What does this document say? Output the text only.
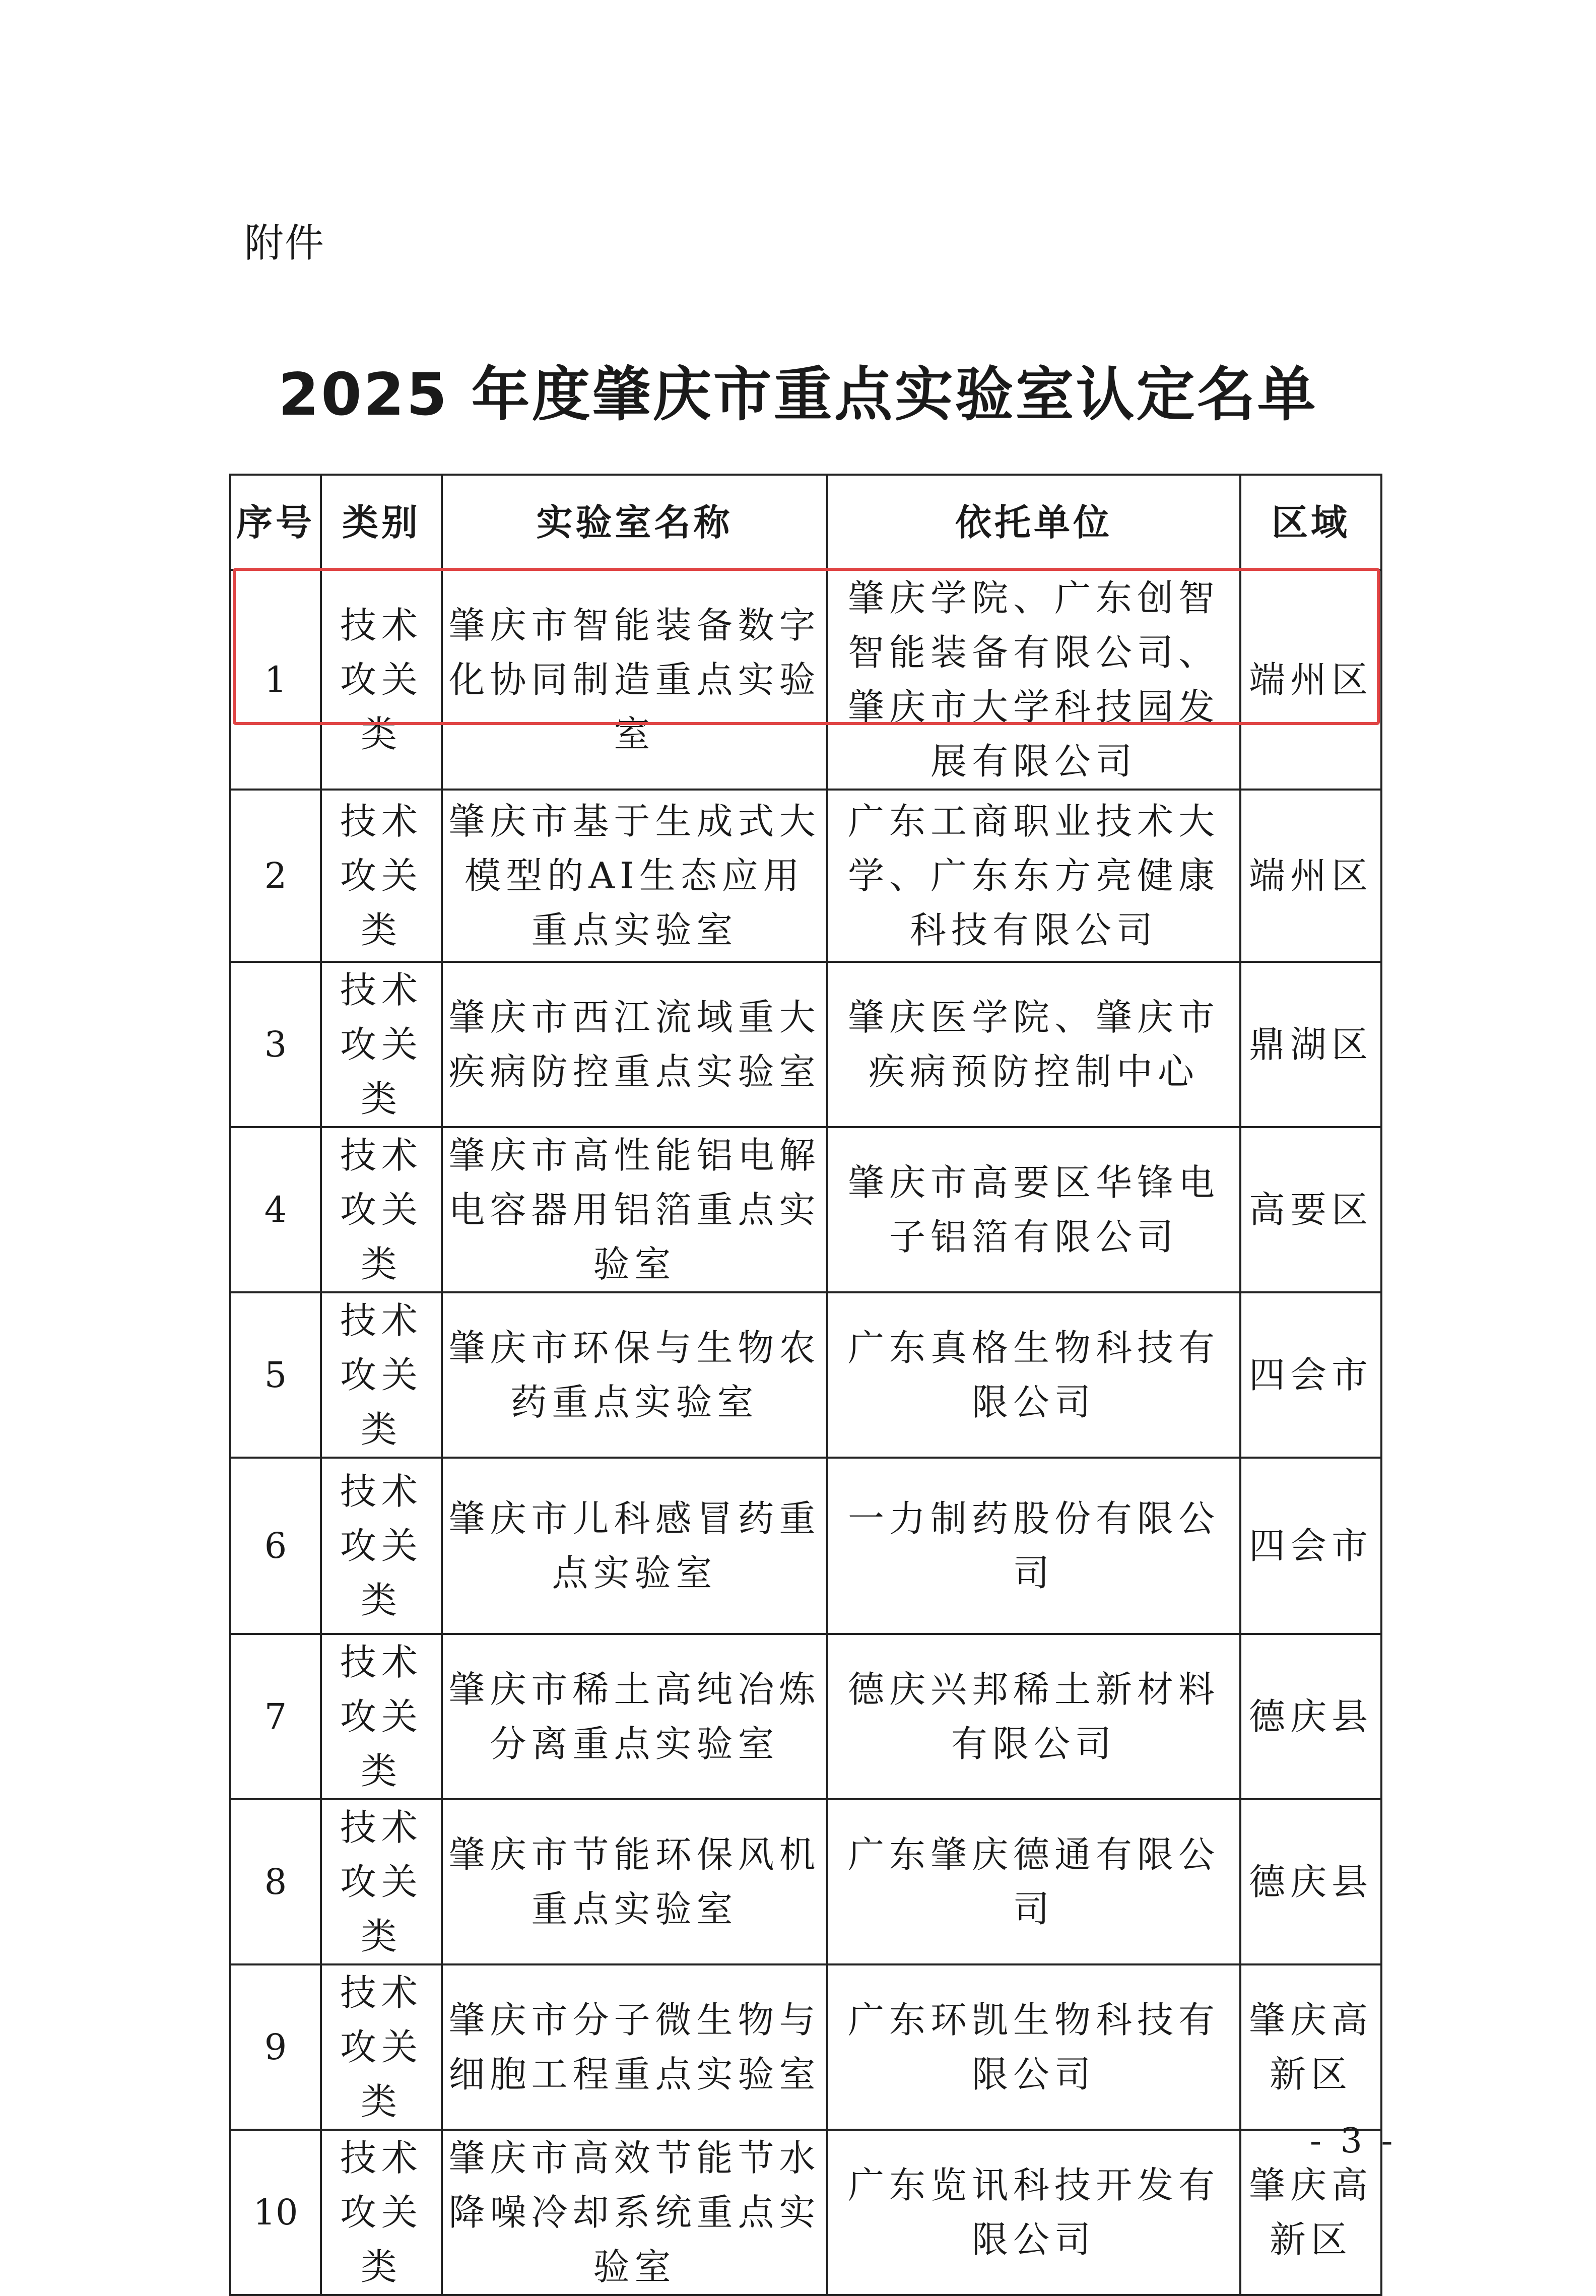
附件
2025 年度肇庆市重点实验室认定名单
序号	类别	实验室名称	依托单位	区域
1	技术攻关类	肇庆市智能装备数字化协同制造重点实验室	肇庆学院、广东创智智能装备有限公司、肇庆市大学科技园发展有限公司	端州区
2	技术攻关类	肇庆市基于生成式大模型的AI生态应用重点实验室	广东工商职业技术大学、广东东方亮健康科技有限公司	端州区
3	技术攻关类	肇庆市西江流域重大疾病防控重点实验室	肇庆医学院、肇庆市疾病预防控制中心	鼎湖区
4	技术攻关类	肇庆市高性能铝电解电容器用铝箔重点实验室	肇庆市高要区华锋电子铝箔有限公司	高要区
5	技术攻关类	肇庆市环保与生物农药重点实验室	广东真格生物科技有限公司	四会市
6	技术攻关类	肇庆市儿科感冒药重点实验室	一力制药股份有限公司	四会市
7	技术攻关类	肇庆市稀土高纯冶炼分离重点实验室	德庆兴邦稀土新材料有限公司	德庆县
8	技术攻关类	肇庆市节能环保风机重点实验室	广东肇庆德通有限公司	德庆县
9	技术攻关类	肇庆市分子微生物与细胞工程重点实验室	广东环凯生物科技有限公司	肇庆高新区
10	技术攻关类	肇庆市高效节能节水降噪冷却系统重点实验室	广东览讯科技开发有限公司	肇庆高新区
- 3 -
